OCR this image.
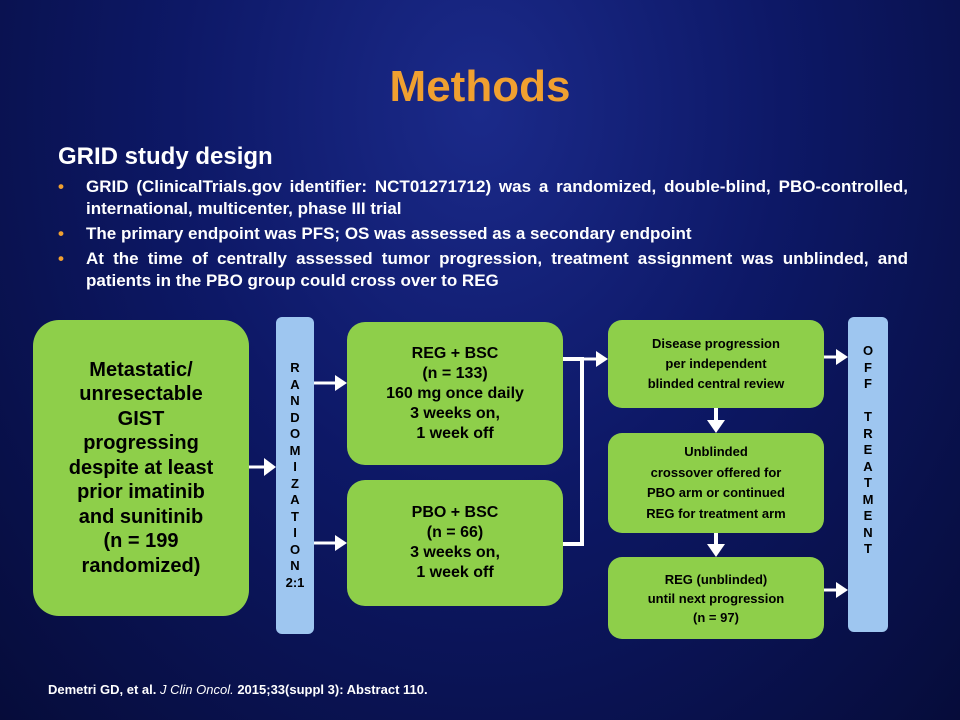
Methods
GRID study design
• GRID (ClinicalTrials.gov identifier: NCT01271712) was a randomized, double-blind, PBO-controlled, international, multicenter, phase III trial
• The primary endpoint was PFS; OS was assessed as a secondary endpoint
• At the time of centrally assessed tumor progression, treatment assignment was unblinded, and patients in the PBO group could cross over to REG
Metastatic/
unresectable
GIST
progressing
despite at least
prior imatinib
and sunitinib
(n = 199
randomized)
R
A
N
D
O
M
I
Z
A
T
I
O
N
2:1
REG + BSC
(n = 133)
160 mg once daily
3 weeks on,
1 week off
PBO + BSC
(n = 66)
3 weeks on,
1 week off
Disease progression
per independent
blinded central review
Unblinded
crossover offered for
PBO arm or continued
REG for treatment arm
REG (unblinded)
until next progression
(n = 97)
O
F
F
T
R
E
A
T
M
E
N
T
Demetri GD, et al. J Clin Oncol. 2015;33(suppl 3): Abstract 110.
